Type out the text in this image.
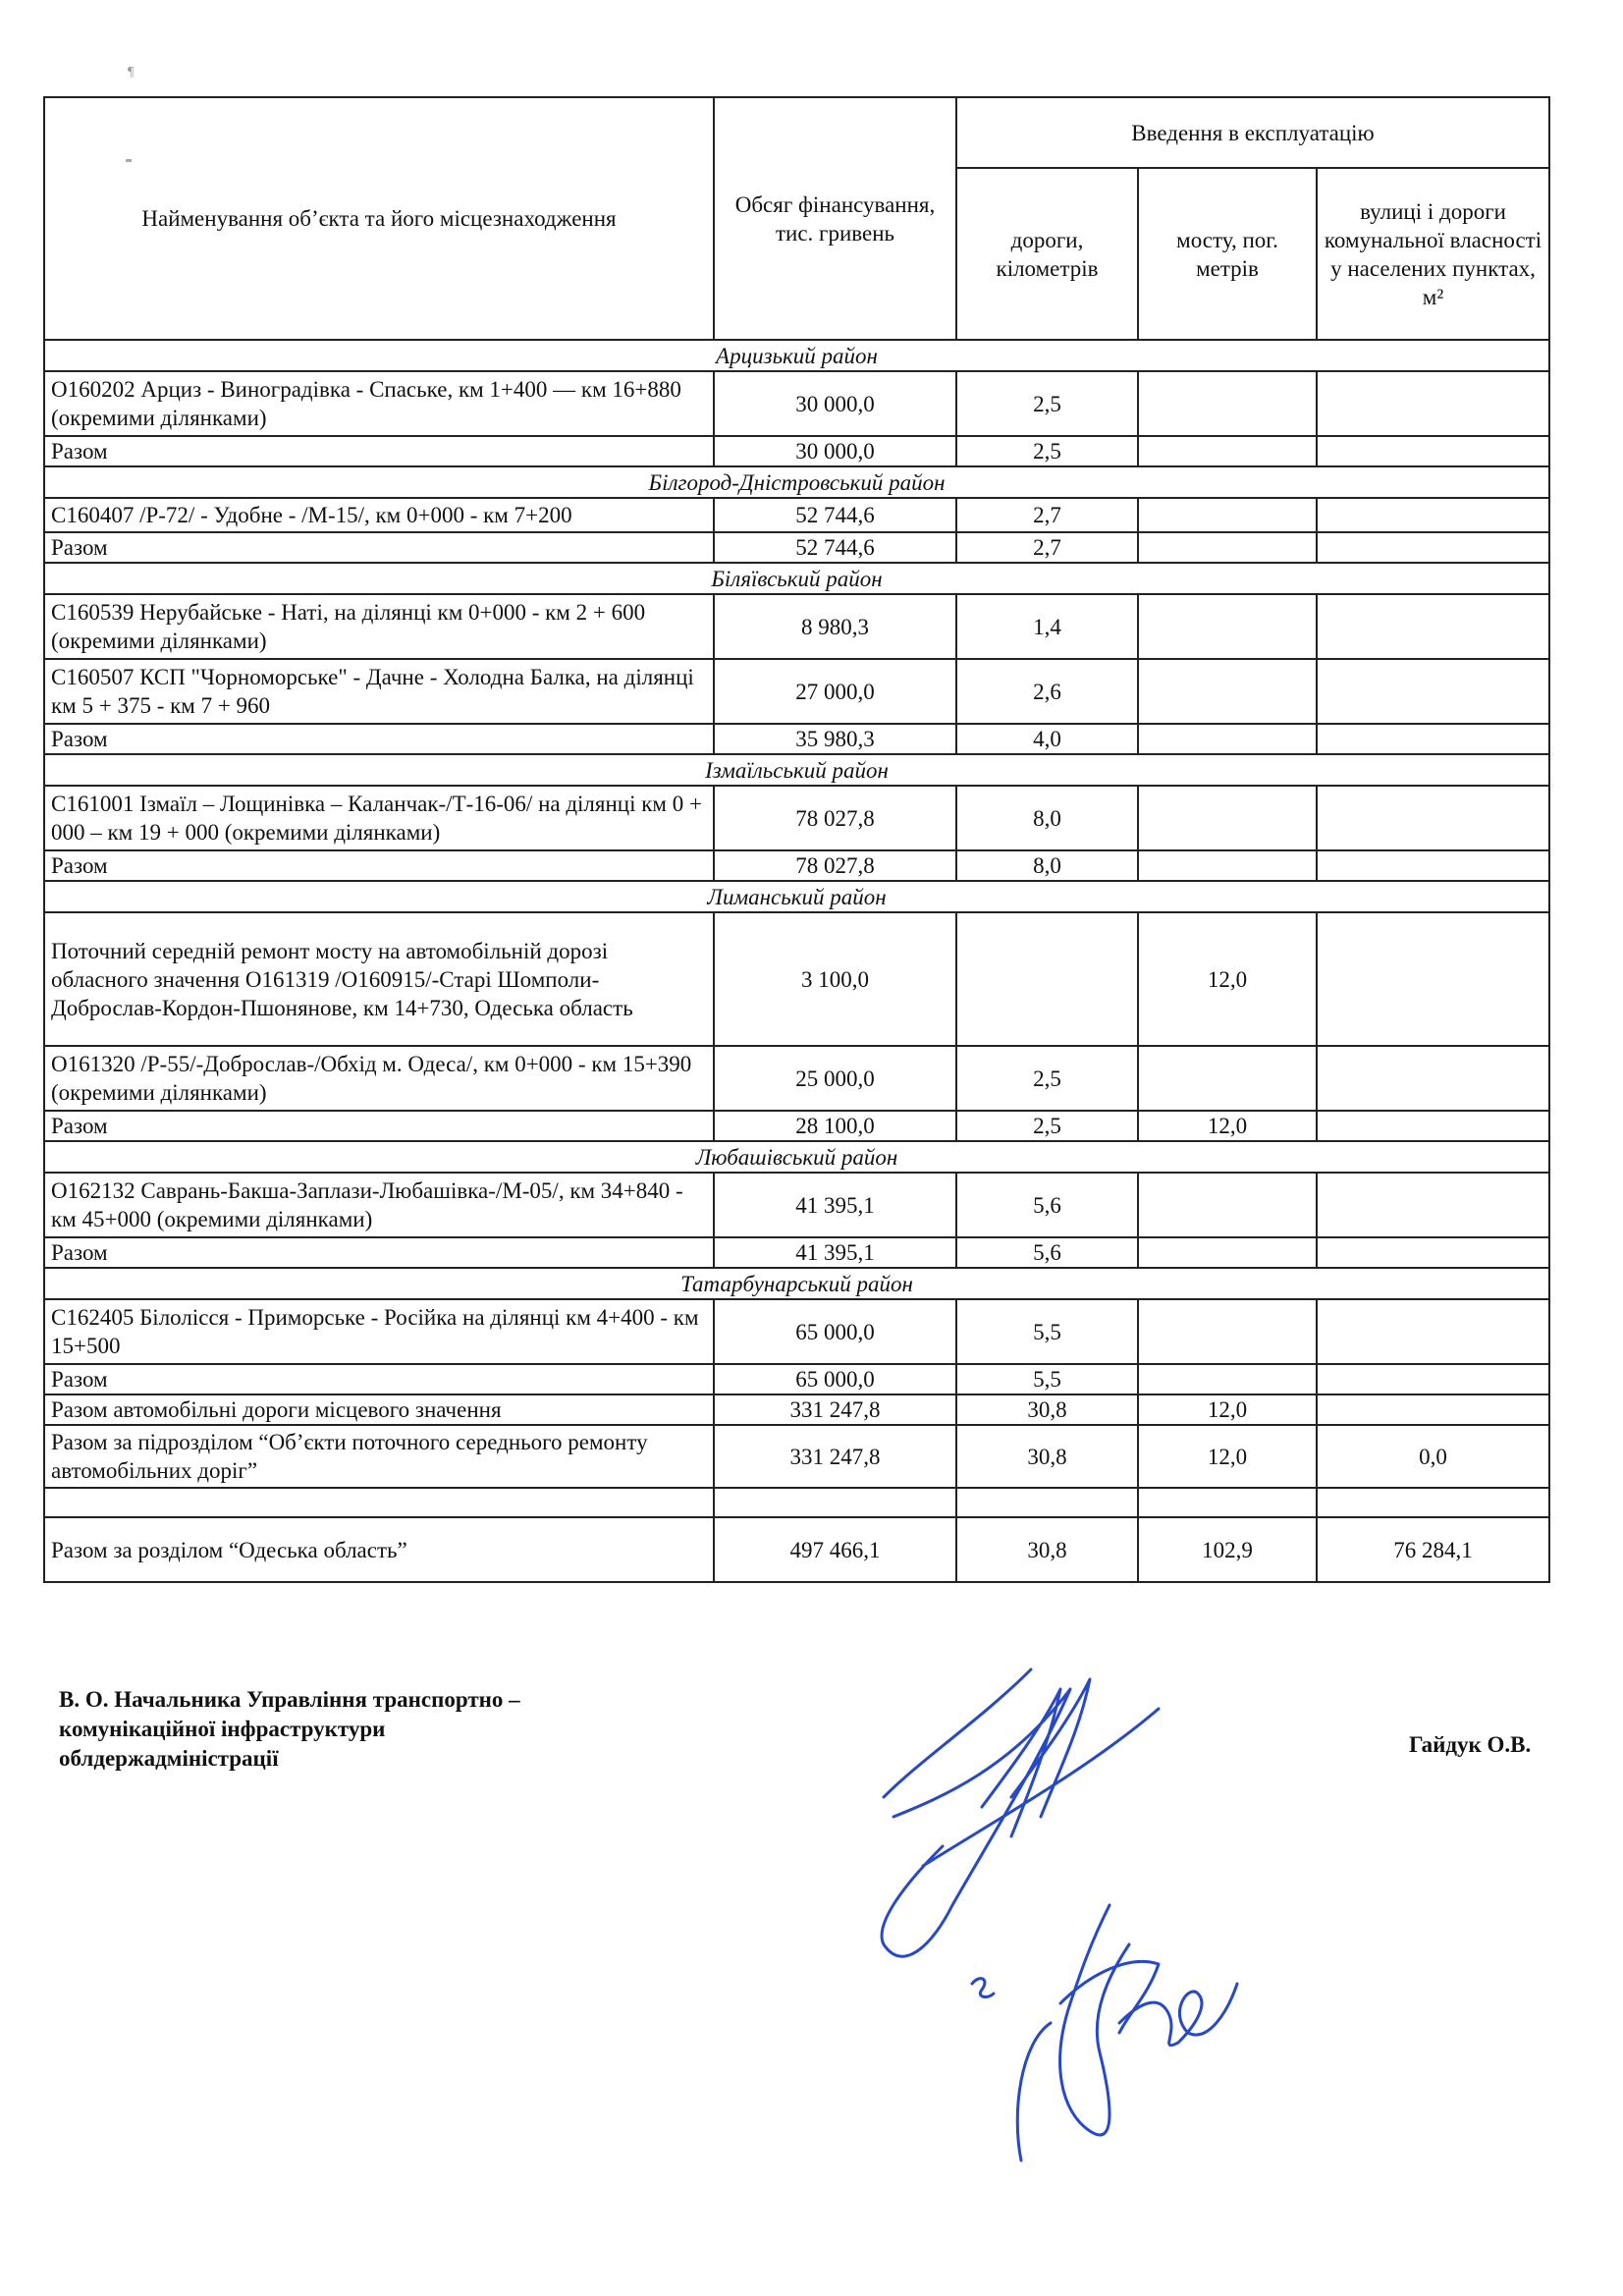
¶
Найменування об’єкта та його місцезнаходження	Обсяг фінансування, тис. гривень	Введення в експлуатацію		
		дороги, кілометрів	мосту, пог. метрів	вулиці і дороги комунальної власності у населених пунктах, м²
Арцизький район				
О160202 Арциз - Виноградівка - Спаське, км 1+400 — км 16+880 (окремими ділянками)	30 000,0	2,5		
Разом	30 000,0	2,5		
Білгород-Дністровський район				
С160407 /Р-72/ - Удобне - /М-15/, км 0+000 - км 7+200	52 744,6	2,7		
Разом	52 744,6	2,7		
Біляївський район				
С160539 Нерубайське - Наті, на ділянці км 0+000 - км 2 + 600 (окремими ділянками)	8 980,3	1,4		
С160507 КСП "Чорноморське" - Дачне - Холодна Балка, на ділянці км 5 + 375 - км 7 + 960	27 000,0	2,6		
Разом	35 980,3	4,0		
Ізмаїльський район				
С161001 Ізмаїл – Лощинівка – Каланчак-/Т-16-06/ на ділянці км 0 + 000 – км 19 + 000 (окремими ділянками)	78 027,8	8,0		
Разом	78 027,8	8,0		
Лиманський район				
Поточний середній ремонт мосту на автомобільній дорозі обласного значення О161319 /О160915/-Старі Шомполи-Доброслав-Кордон-Пшонянове, км 14+730, Одеська область	3 100,0		12,0	
О161320 /Р-55/-Доброслав-/Обхід м. Одеса/, км 0+000 - км 15+390 (окремими ділянками)	25 000,0	2,5		
Разом	28 100,0	2,5	12,0	
Любашівський район				
О162132 Саврань-Бакша-Заплази-Любашівка-/М-05/, км 34+840 - км 45+000 (окремими ділянками)	41 395,1	5,6		
Разом	41 395,1	5,6		
Татарбунарський район				
С162405 Білолісся - Приморське - Російка на ділянці км 4+400 - км 15+500	65 000,0	5,5		
Разом	65 000,0	5,5		
Разом автомобільні дороги місцевого значення	331 247,8	30,8	12,0	
Разом за підрозділом “Об’єкти поточного середнього ремонту автомобільних доріг”	331 247,8	30,8	12,0	0,0

Разом за розділом “Одеська область”	497 466,1	30,8	102,9	76 284,1
В. О. Начальника Управління транспортно –
комунікаційної інфраструктури
облдержадміністрації
Гайдук О.В.
